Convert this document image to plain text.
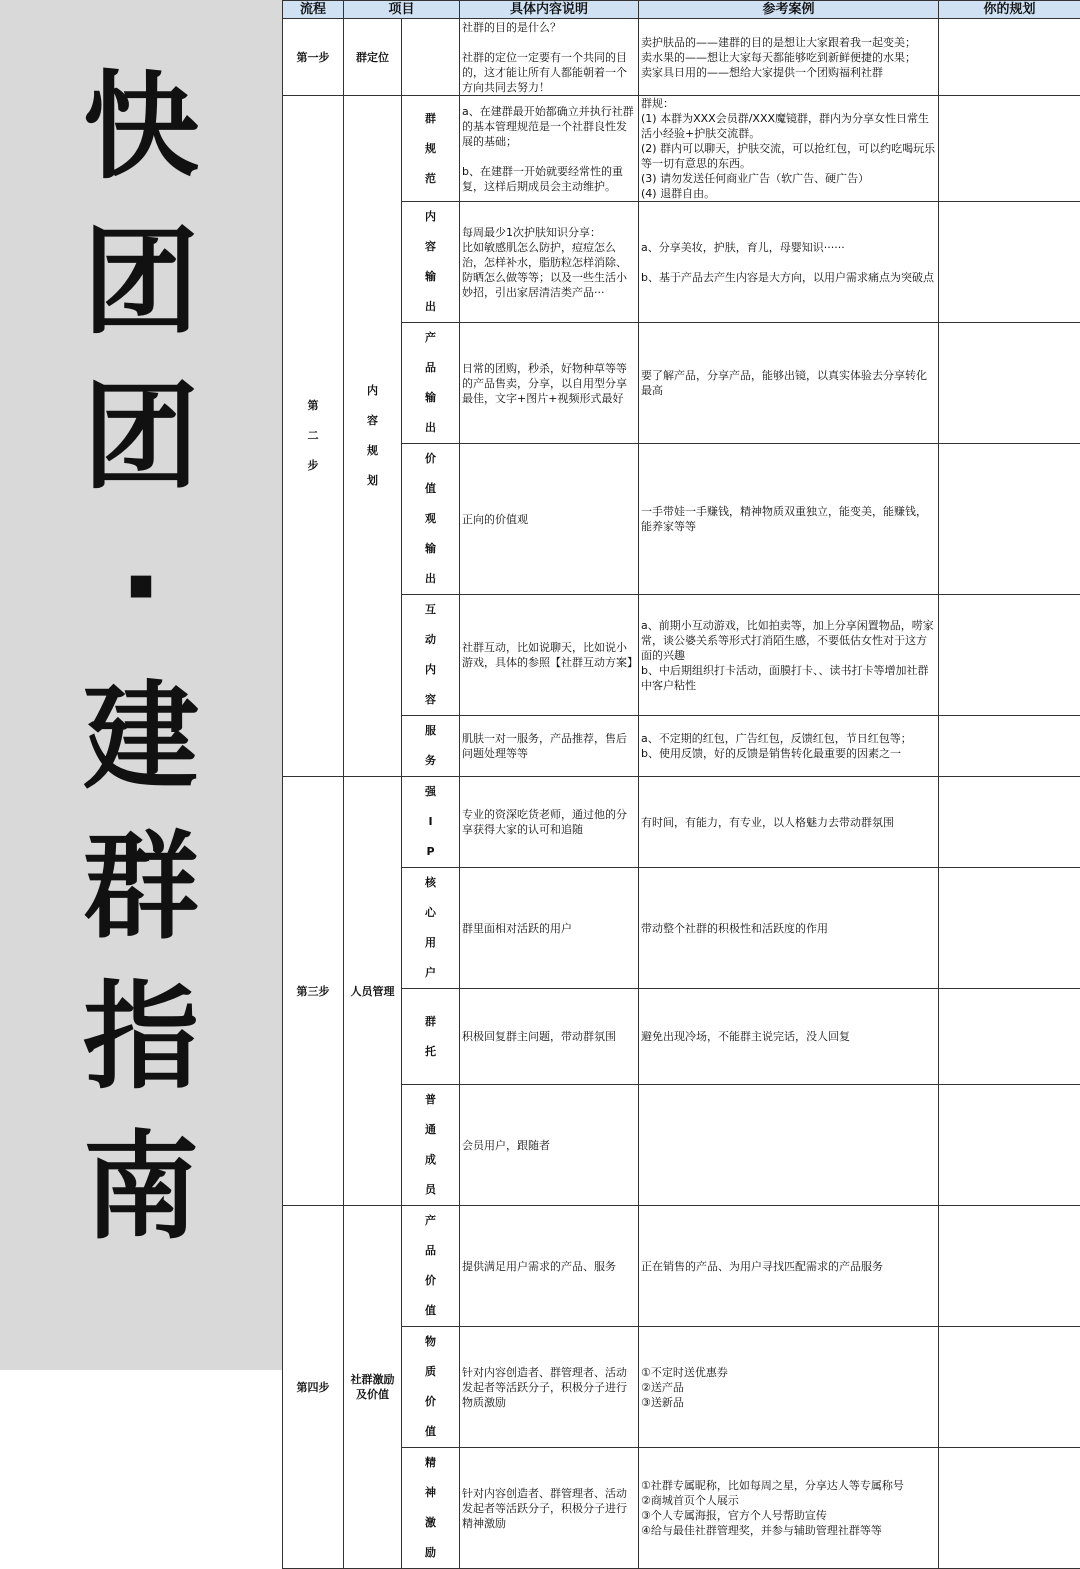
快
团
团
·
建
群
指
南
流程	项目		具体内容说明	参考案例	你的规划
第一步	群定位		社群的目的是什么？

社群的定位一定要有一个共同的目的，这才能让所有人都能朝着一个方向共同去努力！	卖护肤品的——建群的目的是想让大家跟着我一起变美；
卖水果的——想让大家每天都能够吃到新鲜便捷的水果；
卖家具日用的——想给大家提供一个团购福利社群	
第
二
步	内
容
规
划	群
规
范	a、在建群最开始都确立并执行社群的基本管理规范是一个社群良性发展的基础；

b、在建群一开始就要经常性的重复，这样后期成员会主动维护。	群规：
(1) 本群为XXX会员群/XXX魔镜群，群内为分享女性日常生活小经验+护肤交流群。
(2) 群内可以聊天，护肤交流，可以抢红包，可以约吃喝玩乐等一切有意思的东西。
(3) 请勿发送任何商业广告（软广告、硬广告）
(4) 退群自由。	
		内
容
输
出	每周最少1次护肤知识分享：
比如敏感肌怎么防护，痘痘怎么治，怎样补水，脂肪粒怎样消除、防晒怎么做等等；以及一些生活小妙招，引出家居清洁类产品···	a、分享美妆，护肤，育儿，母婴知识······

b、基于产品去产生内容是大方向，以用户需求痛点为突破点	
		产
品
输
出	日常的团购，秒杀，好物种草等等的产品售卖，分享，以自用型分享最佳，文字+图片+视频形式最好	要了解产品，分享产品，能够出镜，以真实体验去分享转化最高	
		价
值
观
输
出	正向的价值观	一手带娃一手赚钱，精神物质双重独立，能变美，能赚钱，能养家等等	
		互
动
内
容	社群互动，比如说聊天，比如说小游戏，具体的参照【社群互动方案】	a、前期小互动游戏，比如拍卖等，加上分享闲置物品，唠家常，谈公婆关系等形式打消陌生感，不要低估女性对于这方面的兴趣
b、中后期组织打卡活动，面膜打卡、、读书打卡等增加社群中客户粘性	
		服
务	肌肤一对一服务，产品推荐，售后问题处理等等	a、不定期的红包，广告红包，反馈红包，节日红包等；
b、使用反馈，好的反馈是销售转化最重要的因素之一	
第三步	人员管理	强
I
P	专业的资深吃货老师，通过他的分享获得大家的认可和追随	有时间，有能力，有专业，以人格魅力去带动群氛围	
		核
心
用
户	群里面相对活跃的用户	带动整个社群的积极性和活跃度的作用	
		群
托	积极回复群主问题，带动群氛围	避免出现冷场，不能群主说完话，没人回复	
		普
通
成
员	会员用户，跟随者		
第四步	社群激励及价值	产
品
价
值	提供满足用户需求的产品、服务	正在销售的产品、为用户寻找匹配需求的产品服务	
		物
质
价
值	针对内容创造者、群管理者、活动发起者等活跃分子，积极分子进行物质激励	①不定时送优惠券
②送产品
③送新品	
		精
神
激
励	针对内容创造者、群管理者、活动发起者等活跃分子，积极分子进行精神激励	①社群专属昵称，比如每周之星，分享达人等专属称号
②商城首页个人展示
③个人专属海报，官方个人号帮助宣传
④给与最佳社群管理奖，并参与辅助管理社群等等	
